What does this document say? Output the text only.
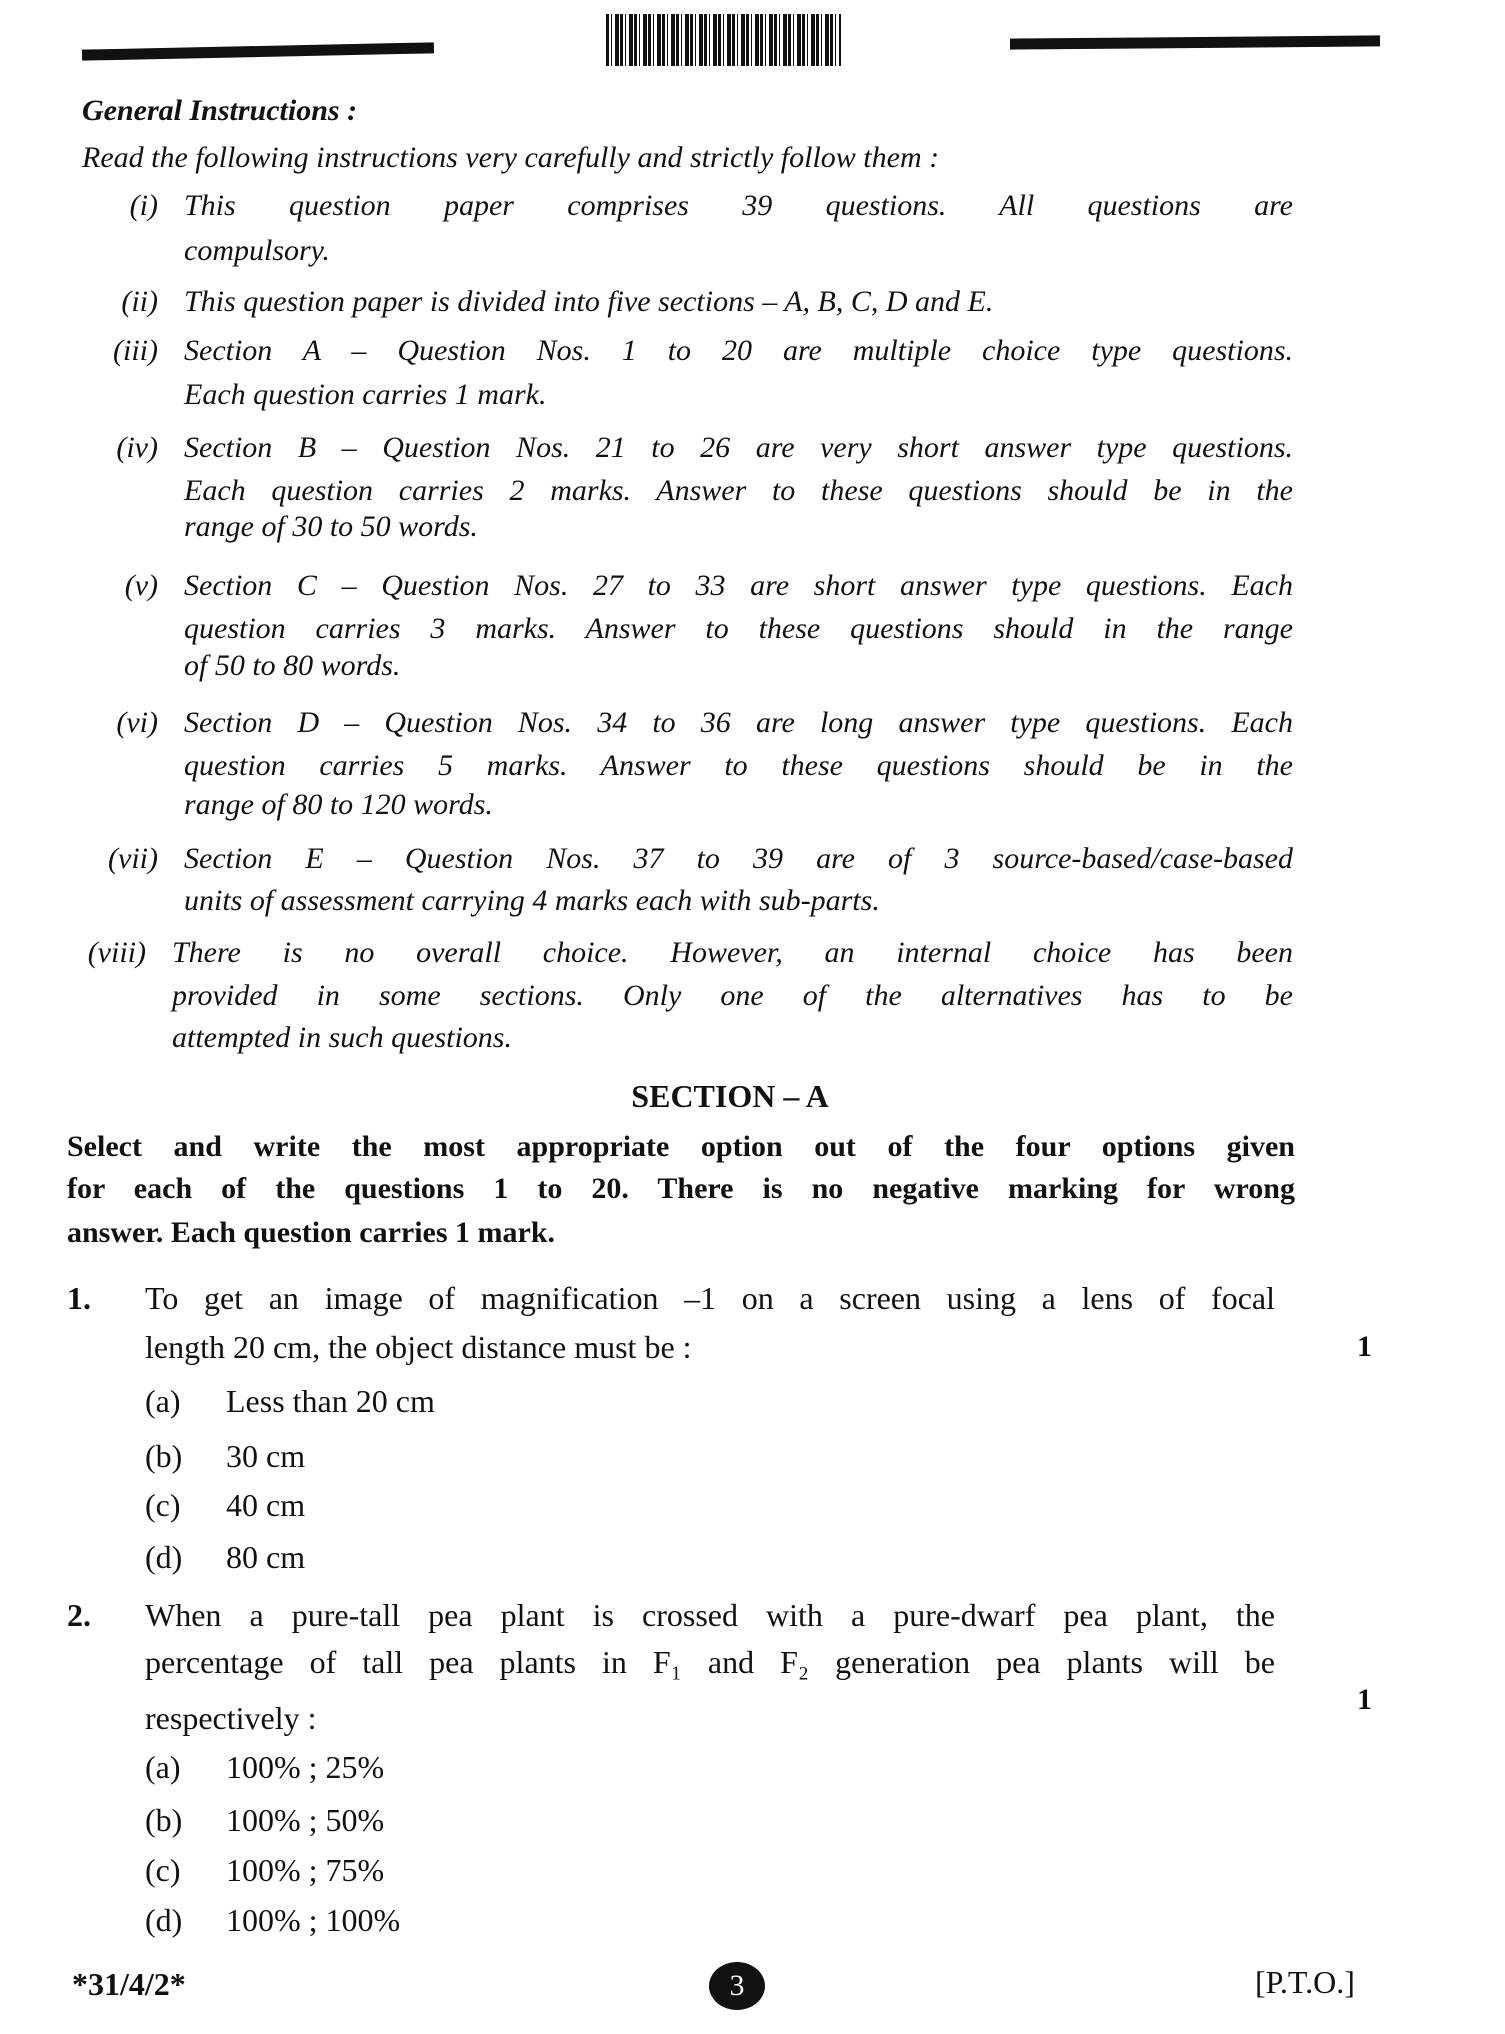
General Instructions :
Read the following instructions very carefully and strictly follow them :
(i) This question paper comprises 39 questions. All questions are
compulsory.
(ii) This question paper is divided into five sections – A, B, C, D and E.
(iii) Section A – Question Nos. 1 to 20 are multiple choice type questions.
Each question carries 1 mark.
(iv) Section B – Question Nos. 21 to 26 are very short answer type questions.
Each question carries 2 marks. Answer to these questions should be in the
range of 30 to 50 words.
(v) Section C – Question Nos. 27 to 33 are short answer type questions. Each
question carries 3 marks. Answer to these questions should in the range
of 50 to 80 words.
(vi) Section D – Question Nos. 34 to 36 are long answer type questions. Each
question carries 5 marks. Answer to these questions should be in the
range of 80 to 120 words.
(vii) Section E – Question Nos. 37 to 39 are of 3 source-based/case-based
units of assessment carrying 4 marks each with sub-parts.
(viii) There is no overall choice. However, an internal choice has been
provided in some sections. Only one of the alternatives has to be
attempted in such questions.
SECTION – A
Select and write the most appropriate option out of the four options given
for each of the questions 1 to 20. There is no negative marking for wrong
answer. Each question carries 1 mark.
1. To get an image of magnification –1 on a screen using a lens of focal
length 20 cm, the object distance must be :	1
(a) Less than 20 cm
(b) 30 cm
(c) 40 cm
(d) 80 cm
2. When a pure-tall pea plant is crossed with a pure-dwarf pea plant, the
percentage of tall pea plants in F₁ and F₂ generation pea plants will be
respectively :
1
(a) 100% ; 25%
(b) 100% ; 50%
(c) 100% ; 75%
(d) 100% ; 100%
*31/4/2*	3	[P.T.O.]
